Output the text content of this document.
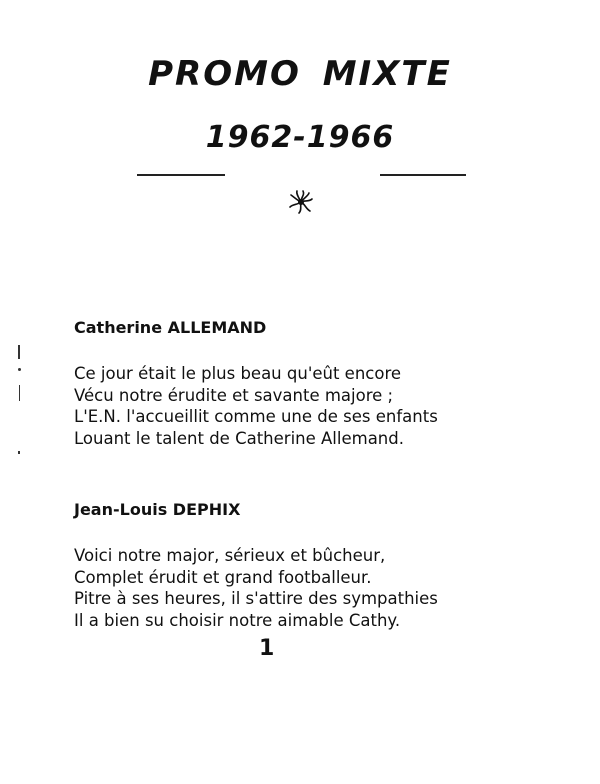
PROMO MIXTE
1962-1966
Catherine ALLEMAND
Ce jour était le plus beau qu'eût encore
Vécu notre érudite et savante majore ;
L'E.N. l'accueillit comme une de ses enfants
Louant le talent de Catherine Allemand.
Jean-Louis DEPHIX
Voici notre major, sérieux et bûcheur,
Complet érudit et grand footballeur.
Pitre à ses heures, il s'attire des sympathies
Il a bien su choisir notre aimable Cathy.
1
